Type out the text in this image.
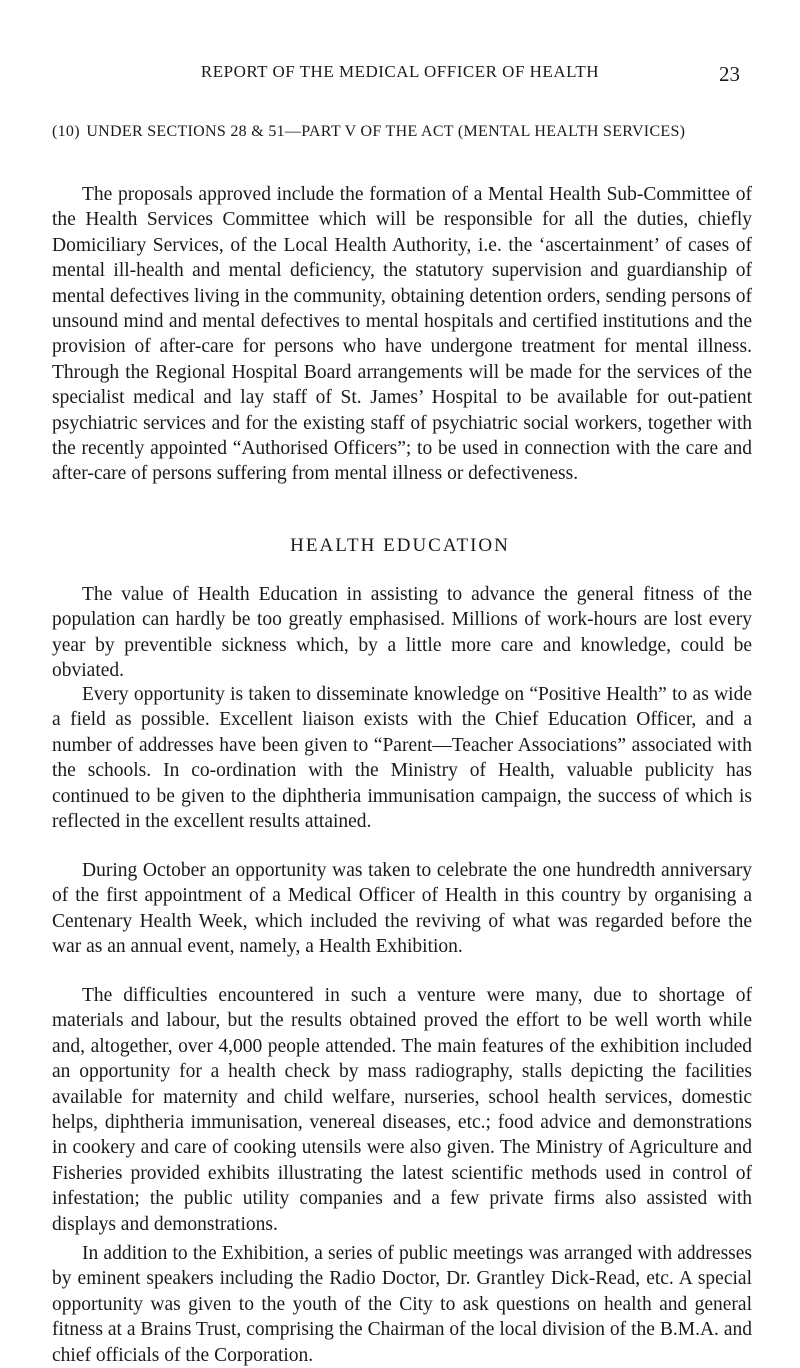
REPORT OF THE MEDICAL OFFICER OF HEALTH	23
(10) UNDER SECTIONS 28 & 51—PART V OF THE ACT (MENTAL HEALTH SERVICES)

The proposals approved include the formation of a Mental Health Sub-Committee of the Health Services Committee which will be responsible for all the duties, chiefly Domiciliary Services, of the Local Health Authority, i.e. the ‘ascertainment’ of cases of mental ill-health and mental deficiency, the statutory supervision and guardianship of mental defectives living in the community, obtaining detention orders, sending persons of unsound mind and mental defectives to mental hospitals and certified institutions and the provision of after-care for persons who have undergone treatment for mental illness. Through the Regional Hospital Board arrangements will be made for the services of the specialist medical and lay staff of St. James’ Hospital to be available for out-patient psychiatric services and for the existing staff of psychiatric social workers, together with the recently appointed “Authorised Officers”; to be used in connection with the care and after-care of persons suffering from mental illness or defectiveness.

HEALTH EDUCATION

The value of Health Education in assisting to advance the general fitness of the population can hardly be too greatly emphasised. Millions of work-hours are lost every year by preventible sickness which, by a little more care and knowledge, could be obviated.

Every opportunity is taken to disseminate knowledge on “Positive Health” to as wide a field as possible. Excellent liaison exists with the Chief Education Officer, and a number of addresses have been given to “Parent—Teacher Associations” associated with the schools. In co-ordination with the Ministry of Health, valuable publicity has continued to be given to the diphtheria immunisation campaign, the success of which is reflected in the excellent results attained.

During October an opportunity was taken to celebrate the one hundredth anniversary of the first appointment of a Medical Officer of Health in this country by organising a Centenary Health Week, which included the reviving of what was regarded before the war as an annual event, namely, a Health Exhibition.

The difficulties encountered in such a venture were many, due to shortage of materials and labour, but the results obtained proved the effort to be well worth while and, altogether, over 4,000 people attended. The main features of the exhibition included an opportunity for a health check by mass radiography, stalls depicting the facilities available for maternity and child welfare, nurseries, school health services, domestic helps, diphtheria immunisation, venereal diseases, etc.; food advice and demonstrations in cookery and care of cooking utensils were also given. The Ministry of Agriculture and Fisheries provided exhibits illustrating the latest scientific methods used in control of infestation; the public utility companies and a few private firms also assisted with displays and demonstrations.

In addition to the Exhibition, a series of public meetings was arranged with addresses by eminent speakers including the Radio Doctor, Dr. Grantley Dick-Read, etc. A special opportunity was given to the youth of the City to ask questions on health and general fitness at a Brains Trust, comprising the Chairman of the local division of the B.M.A. and chief officials of the Corporation.
